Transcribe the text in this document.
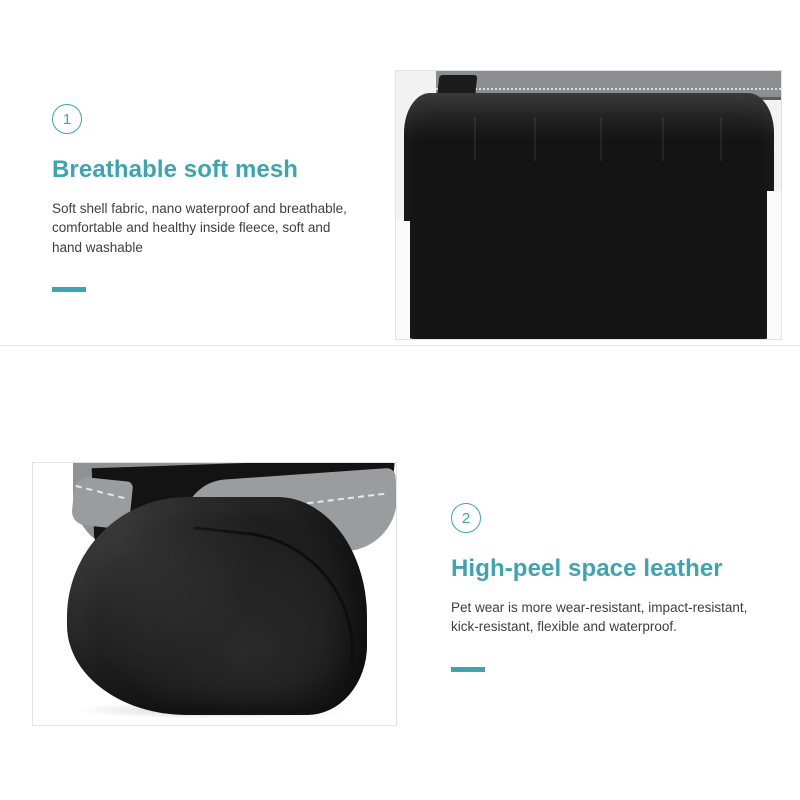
1
Breathable soft mesh
Soft shell fabric, nano waterproof and breathable, comfortable and healthy inside fleece, soft and hand washable
2
High-peel space leather
Pet wear is more wear-resistant, impact-resistant, kick-resistant, flexible and waterproof.
